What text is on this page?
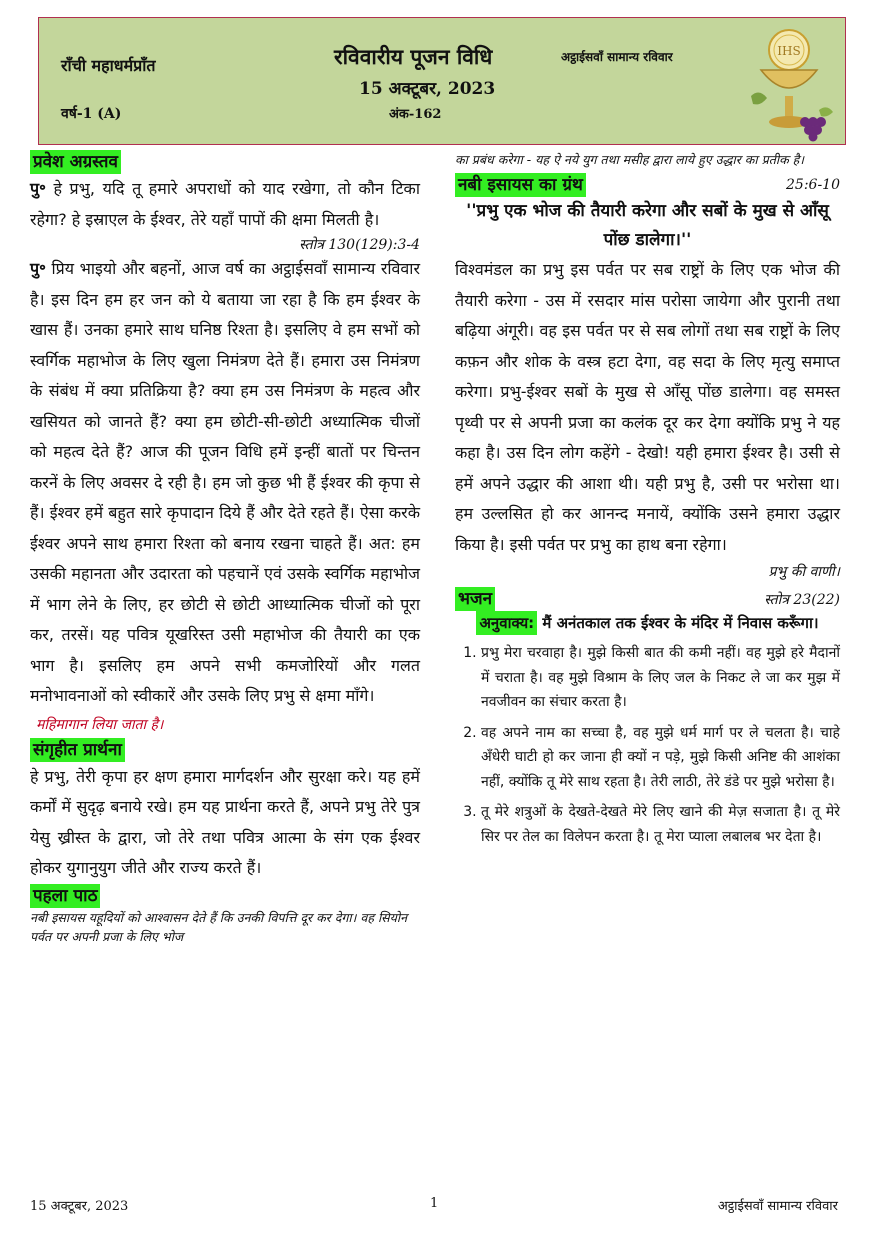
राँची महाधर्मप्राँत	रविवारीय पूजन विधि
15 अक्टूबर, 2023
अट्ठाईसवाँ सामान्य रविवार
वर्ष-1 (A)	अंक-162
IHS
प्रवेश अग्रस्तव

पु॰ हे प्रभु, यदि तू हमारे अपराधों को याद रखेगा, तो कौन टिका रहेगा? हे इस्राएल के ईश्वर, तेरे यहाँ पापों की क्षमा मिलती है।

स्तोत्र 130(129):3-4

पु॰ प्रिय भाइयो और बहनों, आज वर्ष का अट्ठाईसवाँ सामान्य रविवार है। इस दिन हम हर जन को ये बताया जा रहा है कि हम ईश्वर के खास हैं। उनका हमारे साथ घनिष्ठ रिश्ता है। इसलिए वे हम सभों को स्वर्गिक महाभोज के लिए खुला निमंत्रण देते हैं। हमारा उस निमंत्रण के संबंध में क्या प्रतिक्रिया है? क्या हम उस निमंत्रण के महत्व और खसियत को जानते हैं? क्या हम छोटी-सी-छोटी अध्यात्मिक चीजों को महत्व देते हैं? आज की पूजन विधि हमें इन्हीं बातों पर चिन्तन करनें के लिए अवसर दे रही है। हम जो कुछ भी हैं ईश्वर की कृपा से हैं। ईश्वर हमें बहुत सारे कृपादान दिये हैं और देते रहते हैं। ऐसा करके ईश्वर अपने साथ हमारा रिश्ता को बनाय रखना चाहते हैं। अत: हम उसकी महानता और उदारता को पहचानें एवं उसके स्वर्गिक महाभोज में भाग लेने के लिए, हर छोटी से छोटी आध्यात्मिक चीजों को पूरा कर, तरसें। यह पवित्र यूखरिस्त उसी महाभोज की तैयारी का एक भाग है। इसलिए हम अपने सभी कमजोरियों और गलत मनोभावनाओं को स्वीकारें और उसके लिए प्रभु से क्षमा माँगे।

महिमागान लिया जाता है।
संगृहीत प्रार्थना

हे प्रभु, तेरी कृपा हर क्षण हमारा मार्गदर्शन और सुरक्षा करे। यह हमें कर्मों में सुदृढ़ बनाये रखे। हम यह प्रार्थना करते हैं, अपने प्रभु तेरे पुत्र येसु ख्रीस्त के द्वारा, जो तेरे तथा पवित्र आत्मा के संग एक ईश्वर होकर युगानुयुग जीते और राज्य करते हैं।

पहला पाठ

नबी इसायस यहूदियों को आश्वासन देते हैं कि उनकी विपत्ति दूर कर देगा। वह सियोन पर्वत पर अपनी प्रजा के लिए भोज

का प्रबंध करेगा - यह ऐ नये युग तथा मसीह द्वारा लाये हुए उद्धार का प्रतीक है।

नबी इसायस का ग्रंथ	25:6-10
''प्रभु एक भोज की तैयारी करेगा और सबों के मुख से आँसू पोंछ डालेगा।''

विश्वमंडल का प्रभु इस पर्वत पर सब राष्ट्रों के लिए एक भोज की तैयारी करेगा - उस में रसदार मांस परोसा जायेगा और पुरानी तथा बढ़िया अंगूरी। वह इस पर्वत पर से सब लोगों तथा सब राष्ट्रों के लिए कफ़न और शोक के वस्त्र हटा देगा, वह सदा के लिए मृत्यु समाप्त करेगा। प्रभु-ईश्वर सबों के मुख से आँसू पोंछ डालेगा। वह समस्त पृथ्वी पर से अपनी प्रजा का कलंक दूर कर देगा क्योंकि प्रभु ने यह कहा है। उस दिन लोग कहेंगे - देखो! यही हमारा ईश्वर है। उसी से हमें अपने उद्धार की आशा थी। यही प्रभु है, उसी पर भरोसा था। हम उल्लसित हो कर आनन्द मनायें, क्योंकि उसने हमारा उद्धार किया है। इसी पर्वत पर प्रभु का हाथ बना रहेगा।

प्रभु की वाणी।
भजन	स्तोत्र 23(22)
अनुवाक्य: मैं अनंतकाल तक ईश्वर के मंदिर में निवास करूँगा।
1. प्रभु मेरा चरवाहा है। मुझे किसी बात की कमी नहीं। वह मुझे हरे मैदानों में चराता है। वह मुझे विश्राम के लिए जल के निकट ले जा कर मुझ में नवजीवन का संचार करता है।
2. वह अपने नाम का सच्चा है, वह मुझे धर्म मार्ग पर ले चलता है। चाहे अँधेरी घाटी हो कर जाना ही क्यों न पड़े, मुझे किसी अनिष्ट की आशंका नहीं, क्योंकि तू मेरे साथ रहता है। तेरी लाठी, तेरे डंडे पर मुझे भरोसा है।
3. तू मेरे शत्रुओं के देखते-देखते मेरे लिए खाने की मेज़ सजाता है। तू मेरे सिर पर तेल का विलेपन करता है। तू मेरा प्याला लबालब भर देता है।
15 अक्टूबर, 2023	1	अट्ठाईसवाँ सामान्य रविवार
